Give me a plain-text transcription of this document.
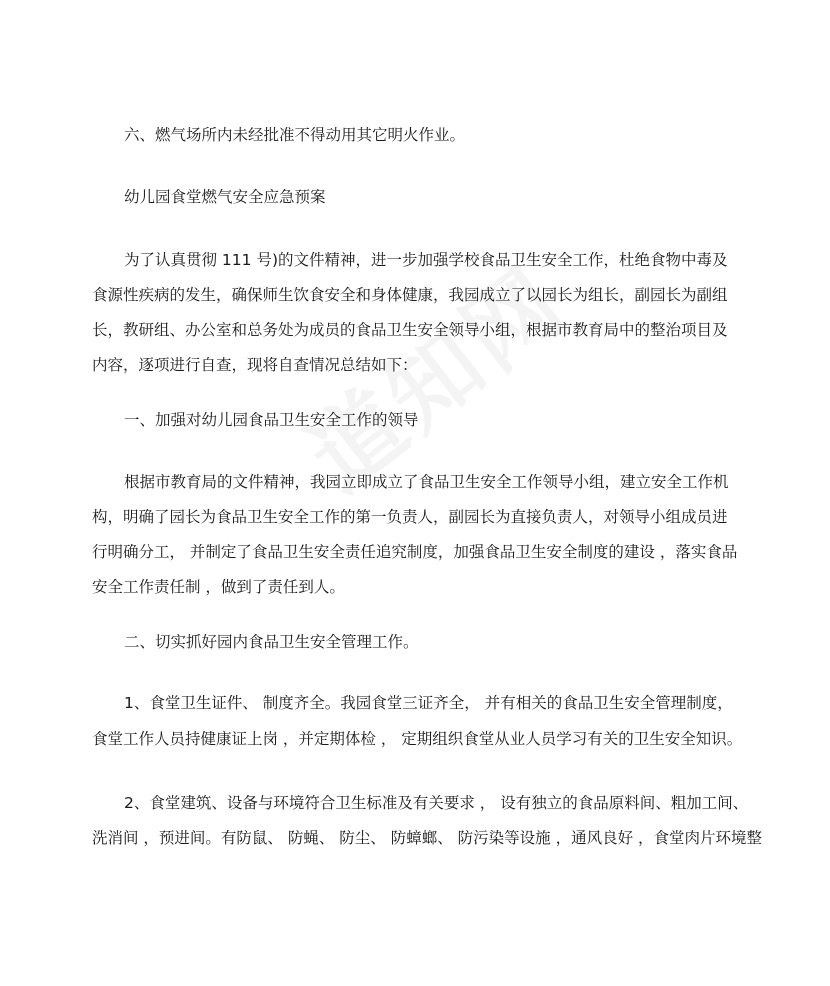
六、燃气场所内未经批准不得动用其它明火作业。
幼儿园食堂燃气安全应急预案
为了认真贯彻 111 号)的文件精神，进一步加强学校食品卫生安全工作，杜绝食物中毒及
食源性疾病的发生，确保师生饮食安全和身体健康，我园成立了以园长为组长，副园长为副组
长，教研组、办公室和总务处为成员的食品卫生安全领导小组，根据市教育局中的整治项目及
内容，逐项进行自查，现将自查情况总结如下：
一、加强对幼儿园食品卫生安全工作的领导
根据市教育局的文件精神，我园立即成立了食品卫生安全工作领导小组，建立安全工作机
构，明确了园长为食品卫生安全工作的第一负责人，副园长为直接负责人，对领导小组成员进
行明确分工， 并制定了食品卫生安全责任追究制度，加强食品卫生安全制度的建设 ，落实食品
安全工作责任制 ，做到了责任到人。
二、切实抓好园内食品卫生安全管理工作。
1、食堂卫生证件、 制度齐全。我园食堂三证齐全， 并有相关的食品卫生安全管理制度，
食堂工作人员持健康证上岗 ，并定期体检 ， 定期组织食堂从业人员学习有关的卫生安全知识。
2、食堂建筑、设备与环境符合卫生标准及有关要求 ， 设有独立的食品原料间、粗加工间、
洗消间 ，预进间。有防鼠、 防蝇、 防尘、 防蟑螂、 防污染等设施 ，通风良好 ，食堂肉片环境整
